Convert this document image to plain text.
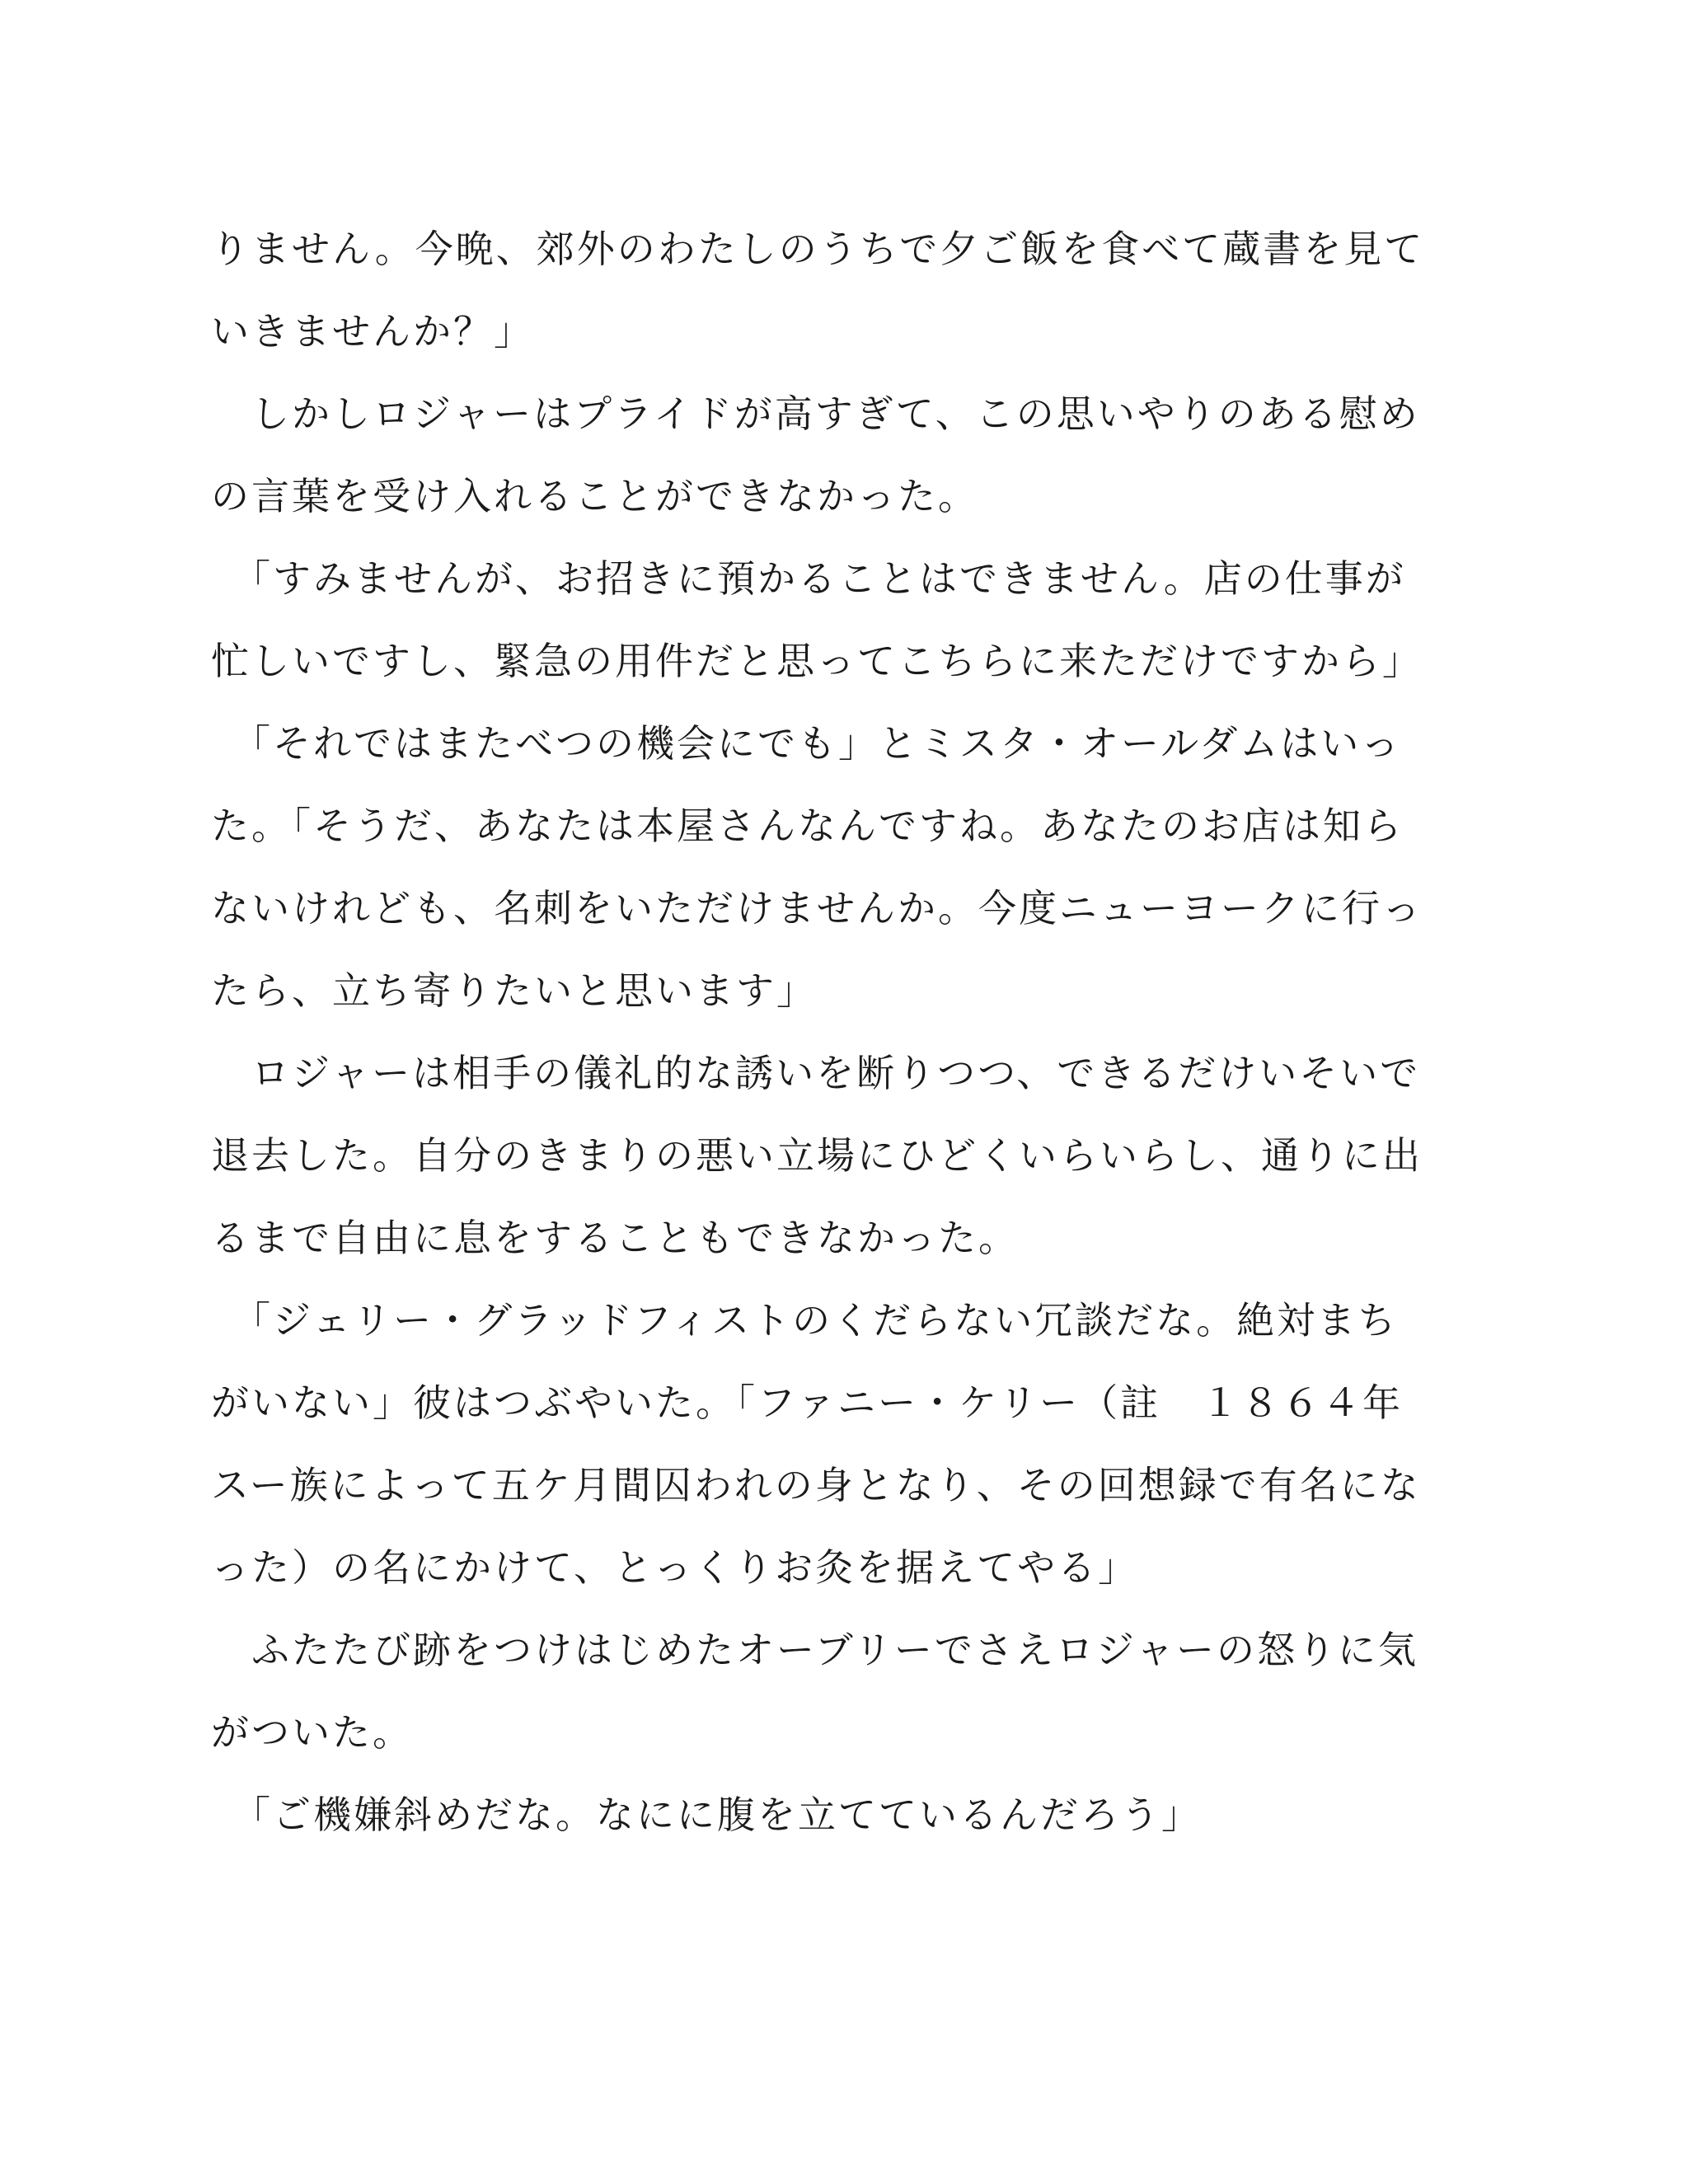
りません。今晩、郊外のわたしのうちで夕ご飯を食べて蔵書を見て
いきませんか？」
　しかしロジャーはプライドが高すぎて、この思いやりのある慰め
の言葉を受け入れることができなかった。
　「すみませんが、お招きに預かることはできません。店の仕事が
忙しいですし、緊急の用件だと思ってこちらに来ただけですから」
　「それではまたべつの機会にでも」とミスタ・オールダムはいっ
た。「そうだ、あなたは本屋さんなんですね。あなたのお店は知ら
ないけれども、名刺をいただけませんか。今度ニューヨークに行っ
たら、立ち寄りたいと思います」
　ロジャーは相手の儀礼的な誘いを断りつつ、できるだけいそいで
退去した。自分のきまりの悪い立場にひどくいらいらし、通りに出
るまで自由に息をすることもできなかった。
　「ジェリー・グラッドフィストのくだらない冗談だな。絶対まち
がいない」彼はつぶやいた。「ファニー・ケリー（註　１８６４年
スー族によって五ケ月間囚われの身となり、その回想録で有名にな
った）の名にかけて、とっくりお灸を据えてやる」
　ふたたび跡をつけはじめたオーブリーでさえロジャーの怒りに気
がついた。
　「ご機嫌斜めだな。なにに腹を立てているんだろう」
